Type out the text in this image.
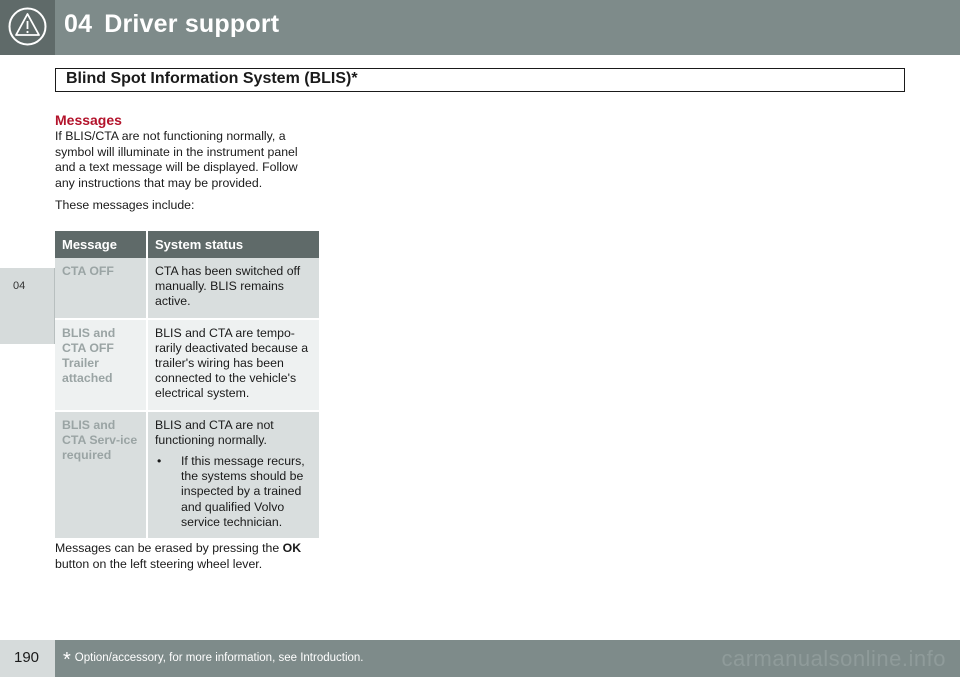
04 Driver support
Blind Spot Information System (BLIS)*
04
Messages

If BLIS/CTA are not functioning normally, a symbol will illuminate in the instrument panel and a text message will be displayed. Follow any instructions that may be provided.

These messages include:

Message	System status
CTA OFF	CTA has been switched off manually. BLIS remains active.
BLIS and CTA OFF Trailer attached	BLIS and CTA are tempo-rarily deactivated because a trailer's wiring has been connected to the vehicle's electrical system.
BLIS and CTA Serv-ice required	BLIS and CTA are not functioning normally.
• If this message recurs, the systems should be inspected by a trained and qualified Volvo service technician.
Messages can be erased by pressing the OK button on the left steering wheel lever.
190 * Option/accessory, for more information, see Introduction.	carmanualsonline.info
